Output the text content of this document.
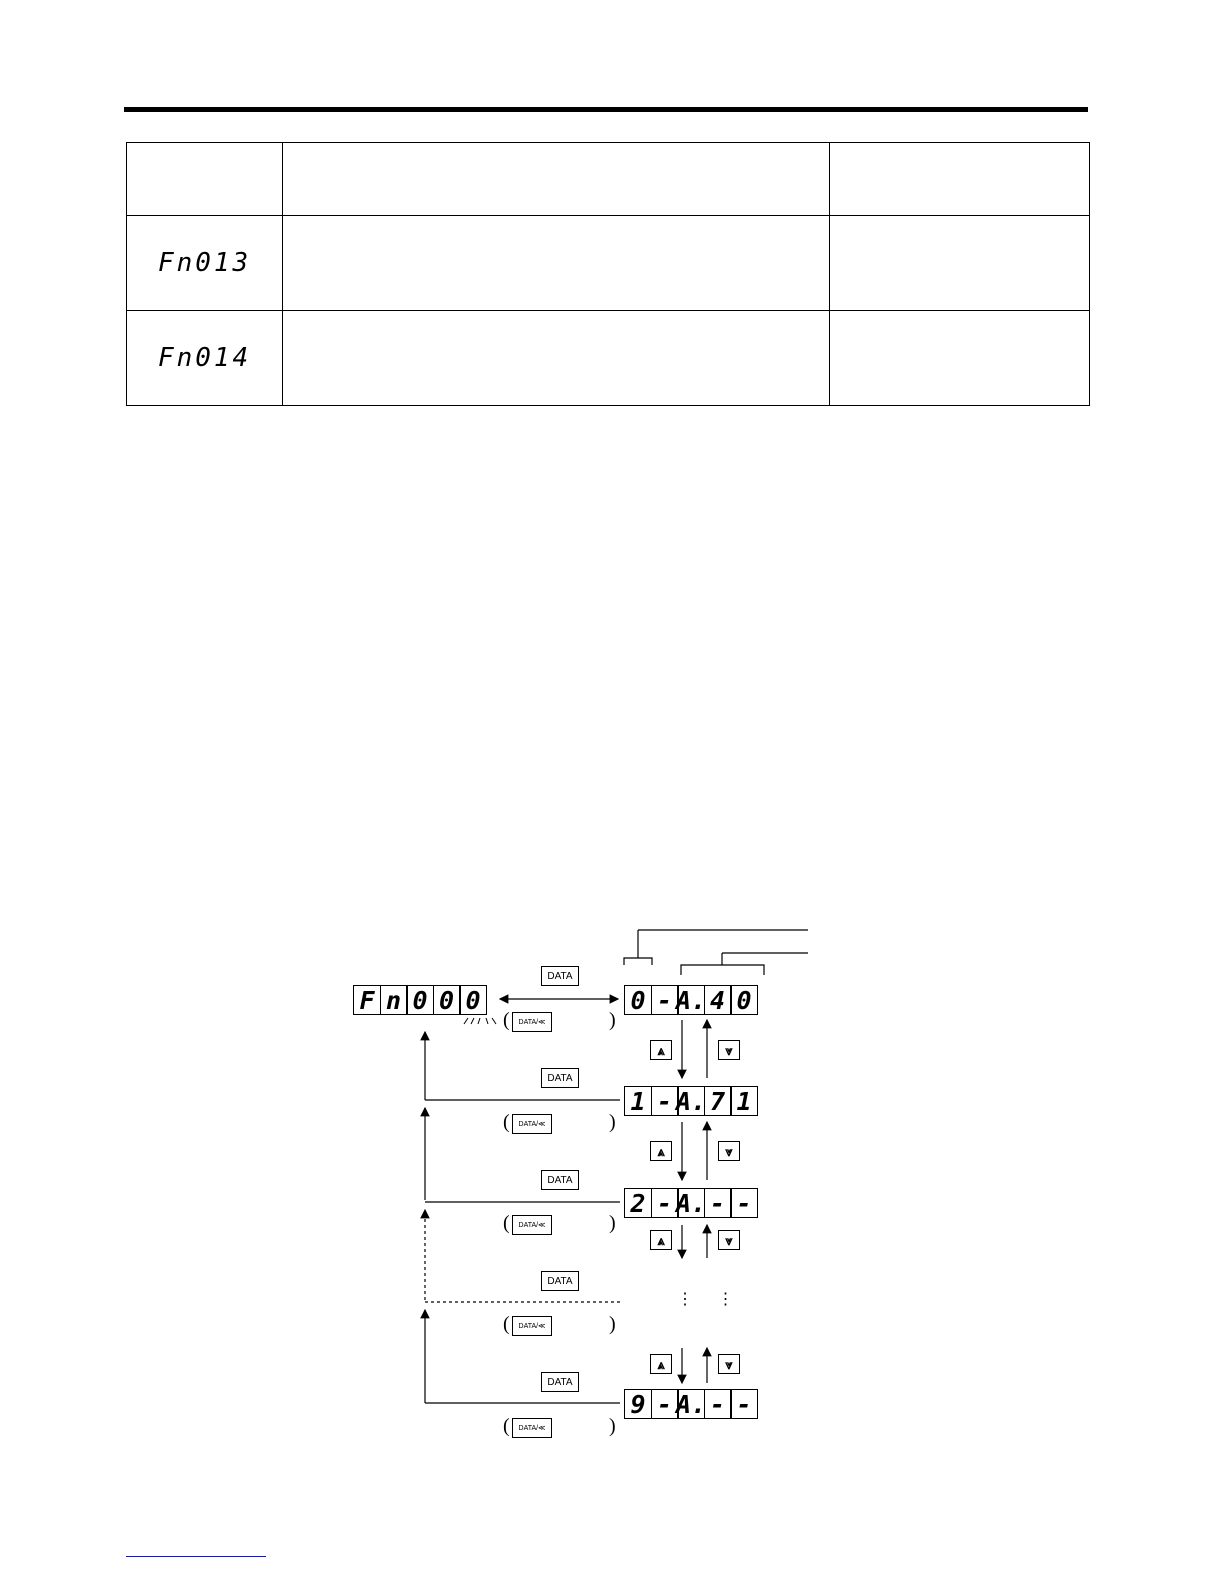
Fn013		
Fn014		
F n 0 0 0	0 - A. 4 0
1 - A. 7 1
2 - A. - -
9 - A. - -
DATA
DATA
DATA
DATA
DATA
(	DATA/≪	)
(	DATA/≪	)
(	DATA/≪	)
(	DATA/≪	)
(	DATA/≪	)
⩓	⩔
⩓	⩔
⩓	⩔
⩓	⩔
⋮ ⋮
